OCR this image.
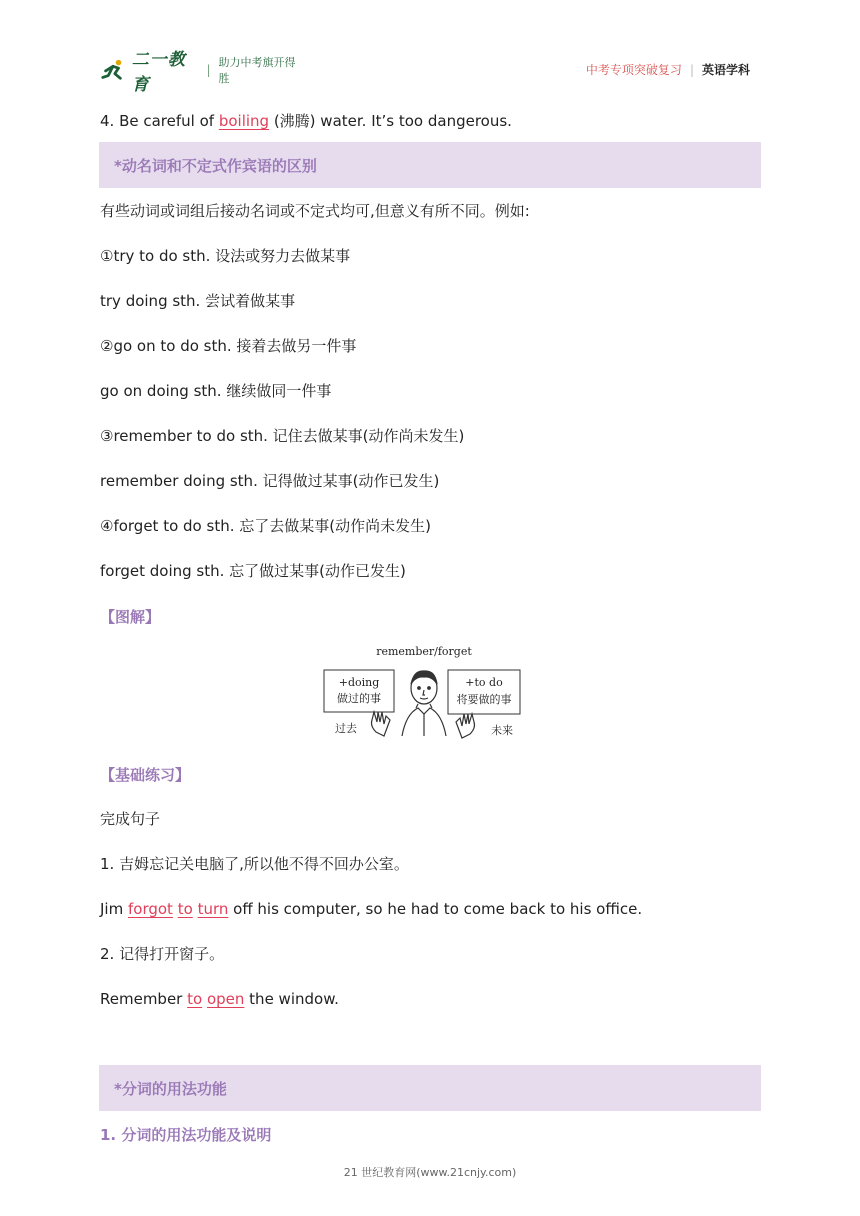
二一教育
|
助力中考旗开得胜
中考专项突破复习 | 英语学科
4. Be careful of boiling (沸腾) water. It’s too dangerous.
*动名词和不定式作宾语的区别
有些动词或词组后接动名词或不定式均可,但意义有所不同。例如:
①try to do sth. 设法或努力去做某事
try doing sth. 尝试着做某事
②go on to do sth. 接着去做另一件事
go on doing sth. 继续做同一件事
③remember to do sth. 记住去做某事(动作尚未发生)
remember doing sth. 记得做过某事(动作已发生)
④forget to do sth. 忘了去做某事(动作尚未发生)
forget doing sth. 忘了做过某事(动作已发生)
【图解】
remember/forget
+doing
做过的事
+to do
将要做的事
过去	未来
【基础练习】
完成句子
1. 吉姆忘记关电脑了,所以他不得不回办公室。
Jim forgot to turn off his computer, so he had to come back to his office.
2. 记得打开窗子。
Remember to open the window.
*分词的用法功能
1. 分词的用法功能及说明
21 世纪教育网(www.21cnjy.com)
